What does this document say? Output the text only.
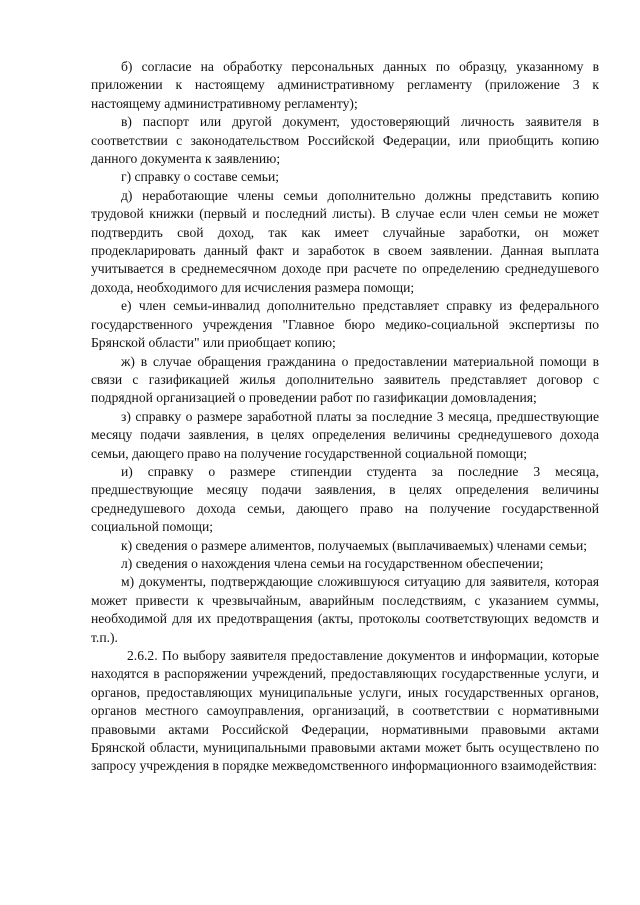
б) согласие на обработку персональных данных по образцу, указанному в приложении к настоящему административному регламенту (приложение 3 к настоящему административному регламенту);

в) паспорт или другой документ, удостоверяющий личность заявителя в соответствии с законодательством Российской Федерации, или приобщить копию данного документа к заявлению;

г) справку о составе семьи;

д) неработающие члены семьи дополнительно должны представить копию трудовой книжки (первый и последний листы). В случае если член семьи не может подтвердить свой доход, так как имеет случайные заработки, он может продекларировать данный факт и заработок в своем заявлении. Данная выплата учитывается в среднемесячном доходе при расчете по определению среднедушевого дохода, необходимого для исчисления размера помощи;

е) член семьи-инвалид дополнительно представляет справку из федерального государственного учреждения "Главное бюро медико-социальной экспертизы по Брянской области" или приобщает копию;

ж) в случае обращения гражданина о предоставлении материальной помощи в связи с газификацией жилья дополнительно заявитель представляет договор с подрядной организацией о проведении работ по газификации домовладения;

з) справку о размере заработной платы за последние 3 месяца, предшествующие месяцу подачи заявления, в целях определения величины среднедушевого дохода семьи, дающего право на получение государственной социальной помощи;

и) справку о размере стипендии студента за последние 3 месяца, предшествующие месяцу подачи заявления, в целях определения величины среднедушевого дохода семьи, дающего право на получение государственной социальной помощи;

к) сведения о размере алиментов, получаемых (выплачиваемых) членами семьи;

л) сведения о нахождения члена семьи на государственном обеспечении;

м) документы, подтверждающие сложившуюся ситуацию для заявителя, которая может привести к чрезвычайным, аварийным последствиям, с указанием суммы, необходимой для их предотвращения (акты, протоколы соответствующих ведомств и т.п.).

2.6.2. По выбору заявителя предоставление документов и информации, которые находятся в распоряжении учреждений, предоставляющих государственные услуги, и органов, предоставляющих муниципальные услуги, иных государственных органов, органов местного самоуправления, организаций, в соответствии с нормативными правовыми актами Российской Федерации, нормативными правовыми актами Брянской области, муниципальными правовыми актами может быть осуществлено по запросу учреждения в порядке межведомственного информационного взаимодействия:
